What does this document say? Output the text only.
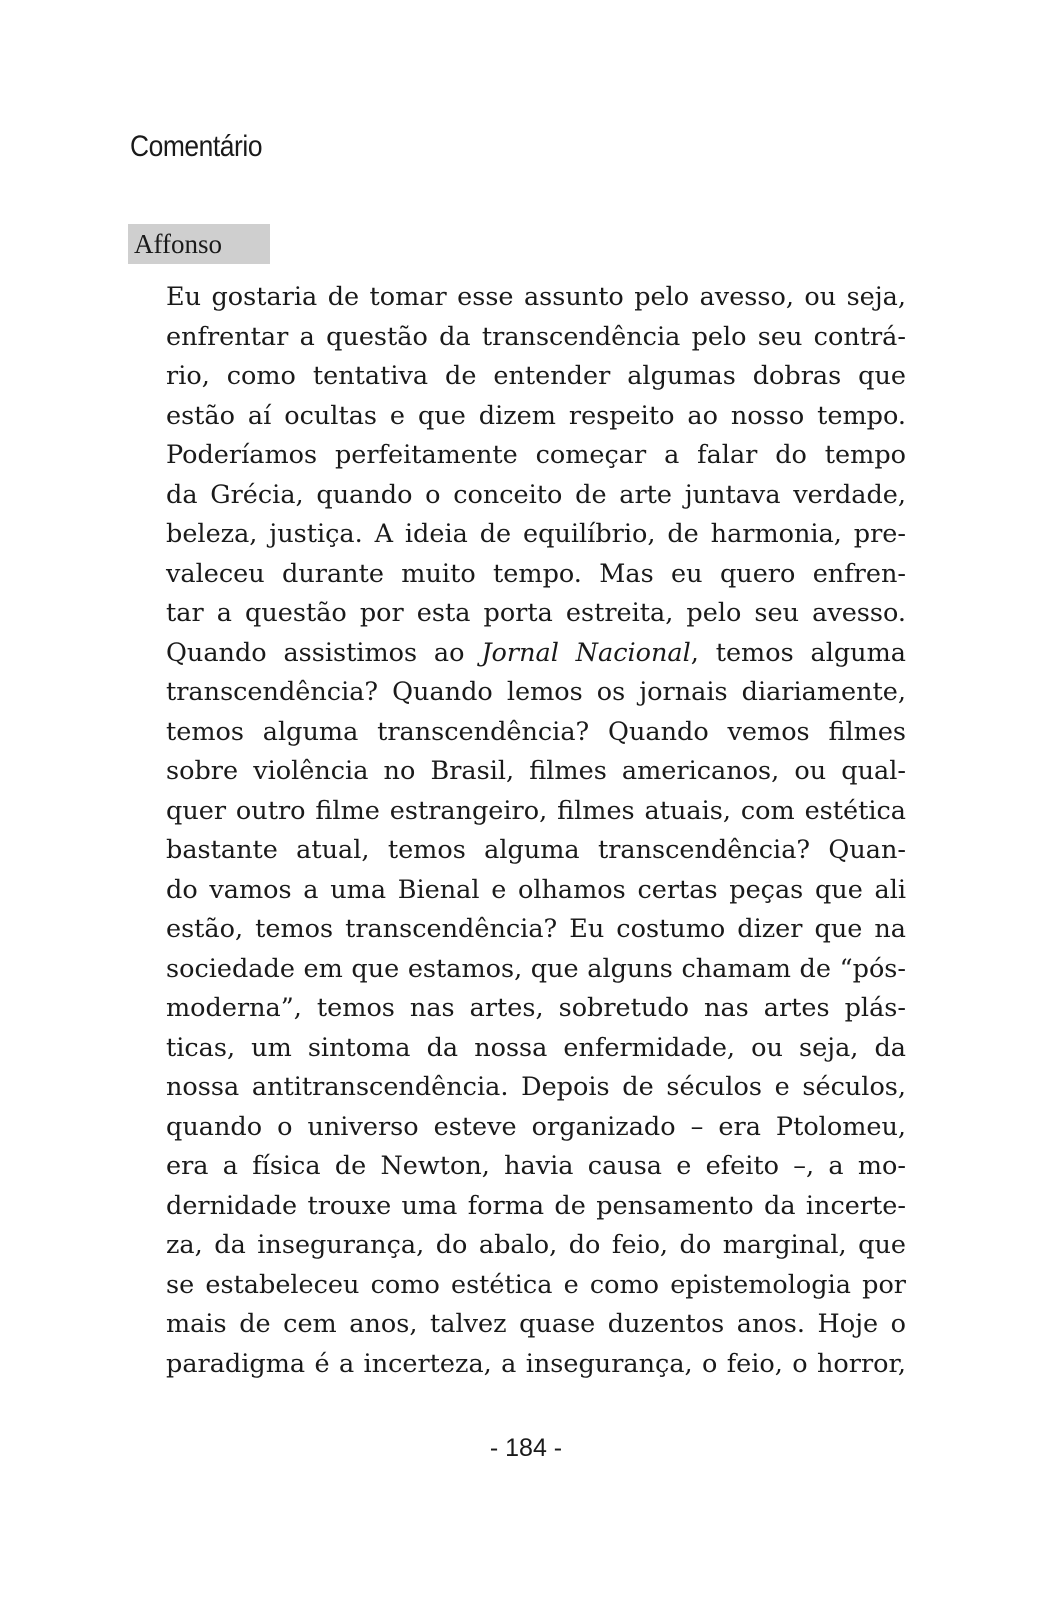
Comentário
Affonso
Eu gostaria de tomar esse assunto pelo avesso, ou seja,
enfrentar a questão da transcendência pelo seu contrá-
rio, como tentativa de entender algumas dobras que
estão aí ocultas e que dizem respeito ao nosso tempo.
Poderíamos perfeitamente começar a falar do tempo
da Grécia, quando o conceito de arte juntava verdade,
beleza, justiça. A ideia de equilíbrio, de harmonia, pre-
valeceu durante muito tempo. Mas eu quero enfren-
tar a questão por esta porta estreita, pelo seu avesso.
Quando assistimos ao Jornal Nacional, temos alguma
transcendência? Quando lemos os jornais diariamente,
temos alguma transcendência? Quando vemos filmes
sobre violência no Brasil, filmes americanos, ou qual-
quer outro filme estrangeiro, filmes atuais, com estética
bastante atual, temos alguma transcendência? Quan-
do vamos a uma Bienal e olhamos certas peças que ali
estão, temos transcendência? Eu costumo dizer que na
sociedade em que estamos, que alguns chamam de “pós-
moderna”, temos nas artes, sobretudo nas artes plás-
ticas, um sintoma da nossa enfermidade, ou seja, da
nossa antitranscendência. Depois de séculos e séculos,
quando o universo esteve organizado – era Ptolomeu,
era a física de Newton, havia causa e efeito –, a mo-
dernidade trouxe uma forma de pensamento da incerte-
za, da insegurança, do abalo, do feio, do marginal, que
se estabeleceu como estética e como epistemologia por
mais de cem anos, talvez quase duzentos anos. Hoje o
paradigma é a incerteza, a insegurança, o feio, o horror,
- 184 -
